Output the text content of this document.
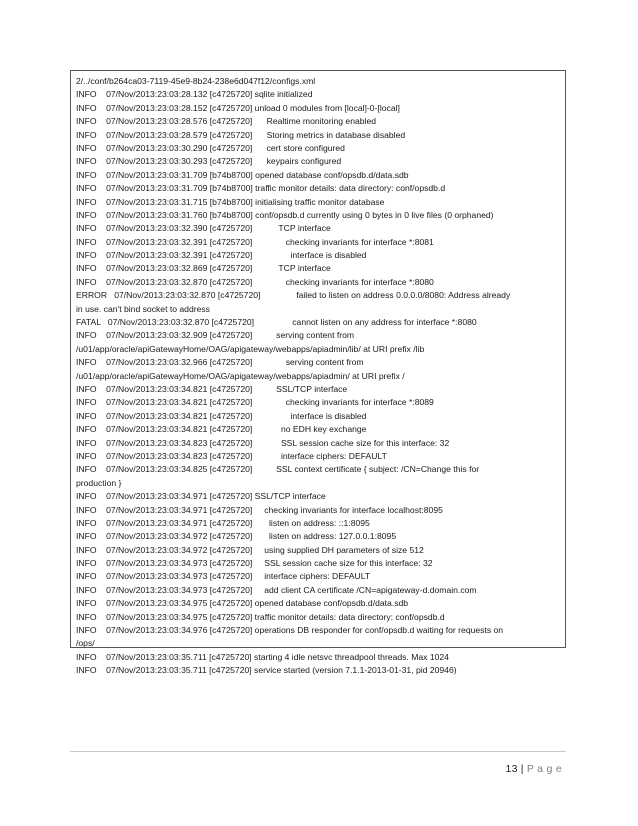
2/../conf/b264ca03-7119-45e9-8b24-238e6d047f12/configs.xml
INFO    07/Nov/2013:23:03:28.132 [c4725720] sqlite initialized
INFO    07/Nov/2013:23:03:28.152 [c4725720] unload 0 modules from [local]-0-[local]
INFO    07/Nov/2013:23:03:28.576 [c4725720]      Realtime monitoring enabled
INFO    07/Nov/2013:23:03:28.579 [c4725720]      Storing metrics in database disabled
INFO    07/Nov/2013:23:03:30.290 [c4725720]      cert store configured
INFO    07/Nov/2013:23:03:30.293 [c4725720]      keypairs configured
INFO    07/Nov/2013:23:03:31.709 [b74b8700] opened database conf/opsdb.d/data.sdb
INFO    07/Nov/2013:23:03:31.709 [b74b8700] traffic monitor details: data directory: conf/opsdb.d
INFO    07/Nov/2013:23:03:31.715 [b74b8700] initialising traffic monitor database
INFO    07/Nov/2013:23:03:31.760 [b74b8700] conf/opsdb.d currently using 0 bytes in 0 live files (0 orphaned)
INFO    07/Nov/2013:23:03:32.390 [c4725720]           TCP interface
INFO    07/Nov/2013:23:03:32.391 [c4725720]              checking invariants for interface *:8081
INFO    07/Nov/2013:23:03:32.391 [c4725720]                interface is disabled
INFO    07/Nov/2013:23:03:32.869 [c4725720]           TCP interface
INFO    07/Nov/2013:23:03:32.870 [c4725720]              checking invariants for interface *:8080
ERROR   07/Nov/2013:23:03:32.870 [c4725720]               failed to listen on address 0.0.0.0/8080: Address already
in use. can't bind socket to address
FATAL   07/Nov/2013:23:03:32.870 [c4725720]                cannot listen on any address for interface *:8080
INFO    07/Nov/2013:23:03:32.909 [c4725720]          serving content from
/u01/app/oracle/apiGatewayHome/OAG/apigateway/webapps/apiadmin/lib/ at URI prefix /lib
INFO    07/Nov/2013:23:03:32.966 [c4725720]              serving content from
/u01/app/oracle/apiGatewayHome/OAG/apigateway/webapps/apiadmin/ at URI prefix /
INFO    07/Nov/2013:23:03:34.821 [c4725720]          SSL/TCP interface
INFO    07/Nov/2013:23:03:34.821 [c4725720]              checking invariants for interface *:8089
INFO    07/Nov/2013:23:03:34.821 [c4725720]                interface is disabled
INFO    07/Nov/2013:23:03:34.821 [c4725720]            no EDH key exchange
INFO    07/Nov/2013:23:03:34.823 [c4725720]            SSL session cache size for this interface: 32
INFO    07/Nov/2013:23:03:34.823 [c4725720]            interface ciphers: DEFAULT
INFO    07/Nov/2013:23:03:34.825 [c4725720]          SSL context certificate { subject: /CN=Change this for
production }
INFO    07/Nov/2013:23:03:34.971 [c4725720] SSL/TCP interface
INFO    07/Nov/2013:23:03:34.971 [c4725720]     checking invariants for interface localhost:8095
INFO    07/Nov/2013:23:03:34.971 [c4725720]       listen on address: ::1:8095
INFO    07/Nov/2013:23:03:34.972 [c4725720]       listen on address: 127.0.0.1:8095
INFO    07/Nov/2013:23:03:34.972 [c4725720]     using supplied DH parameters of size 512
INFO    07/Nov/2013:23:03:34.973 [c4725720]     SSL session cache size for this interface: 32
INFO    07/Nov/2013:23:03:34.973 [c4725720]     interface ciphers: DEFAULT
INFO    07/Nov/2013:23:03:34.973 [c4725720]     add client CA certificate /CN=apigateway-d.domain.com
INFO    07/Nov/2013:23:03:34.975 [c4725720] opened database conf/opsdb.d/data.sdb
INFO    07/Nov/2013:23:03:34.975 [c4725720] traffic monitor details: data directory: conf/opsdb.d
INFO    07/Nov/2013:23:03:34.976 [c4725720] operations DB responder for conf/opsdb.d waiting for requests on
/ops/
INFO    07/Nov/2013:23:03:35.711 [c4725720] starting 4 idle netsvc threadpool threads. Max 1024
INFO    07/Nov/2013:23:03:35.711 [c4725720] service started (version 7.1.1-2013-01-31, pid 20946)
13 | P a g e
